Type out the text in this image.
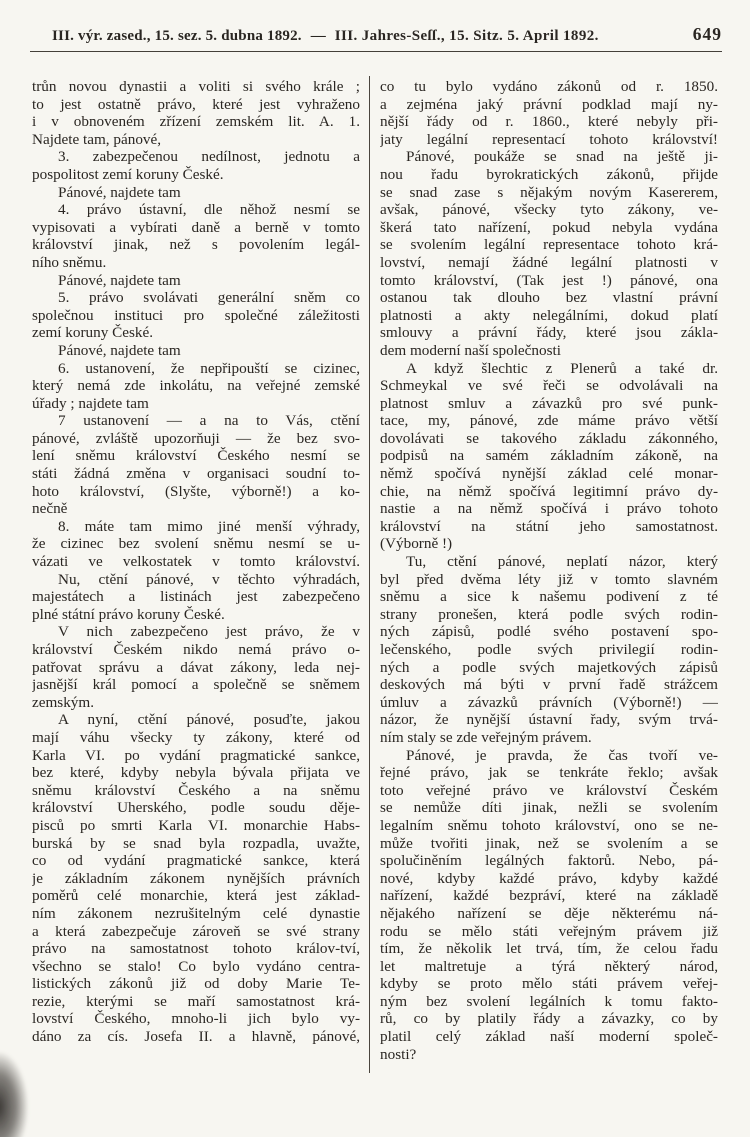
III. výr. zased., 15. sez. 5. dubna 1892. — III. Jahres-Seſſ., 15. Sitz. 5. April 1892.	649
trůn novou dynastii a voliti si svého krále ;
to jest ostatně právo, které jest vyhraženo
i v obnoveném zřízení zemském lit. A. 1.
Najdete tam, pánové,
3. zabezpečenou nedílnost, jednotu a
pospolitost zemí koruny České.
Pánové, najdete tam
4. právo ústavní, dle něhož nesmí se
vypisovati a vybírati daně a berně v tomto
království jinak, než s povolením legál-
ního sněmu.
Pánové, najdete tam
5. právo svolávati generální sněm co
společnou instituci pro společné záležitosti
zemí koruny České.
Pánové, najdete tam
6. ustanovení, že nepřipouští se cizinec,
který nemá zde inkolátu, na veřejné zemské
úřady ; najdete tam
7 ustanovení — a na to Vás, ctění
pánové, zvláště upozorňuji — že bez svo-
lení sněmu království Českého nesmí se
státi žádná změna v organisaci soudní to-
hoto království, (Slyšte, výborně!) a ko-
nečně
8. máte tam mimo jiné menší výhrady,
že cizinec bez svolení sněmu nesmí se u-
vázati ve velkostatek v tomto království.
Nu, ctění pánové, v těchto výhradách,
majestátech a listinách jest zabezpečeno
plné státní právo koruny České.
V nich zabezpečeno jest právo, že v
království Českém nikdo nemá právo o-
patřovat správu a dávat zákony, leda nej-
jasnější král pomocí a společně se sněmem
zemským.
A nyní, ctění pánové, posuďte, jakou
mají váhu všecky ty zákony, které od
Karla VI. po vydání pragmatické sankce,
bez které, kdyby nebyla bývala přijata ve
sněmu království Českého a na sněmu
království Uherského, podle soudu děje-
pisců po smrti Karla VI. monarchie Habs-
burská by se snad byla rozpadla, uvažte,
co od vydání pragmatické sankce, která
je základním zákonem nynějších právních
poměrů celé monarchie, která jest základ-
ním zákonem nezrušitelným celé dynastie
a která zabezpečuje zároveň se své strany
právo na samostatnost tohoto králov-tví,
všechno se stalo! Co bylo vydáno centra-
listických zákonů již od doby Marie Te-
rezie, kterými se maří samostatnost krá-
lovství Českého, mnoho-li jich bylo vy-
dáno za cís. Josefa II. a hlavně, pánové,
co tu bylo vydáno zákonů od r. 1850.
a zejména jaký právní podklad mají ny-
nější řády od r. 1860., které nebyly při-
jaty legální representací tohoto království!
Pánové, poukáže se snad na ještě ji-
nou řadu byrokratických zákonů, přijde
se snad zase s nějakým novým Kasererem,
avšak, pánové, všecky tyto zákony, ve-
škerá tato nařízení, pokud nebyla vydána
se svolením legální representace tohoto krá-
lovství, nemají žádné legální platnosti v
tomto království, (Tak jest !) pánové, ona
ostanou tak dlouho bez vlastní právní
platnosti a akty nelegálními, dokud platí
smlouvy a právní řády, které jsou zákla-
dem moderní naší společnosti
A když šlechtic z Plenerů a také dr.
Schmeykal ve své řeči se odvolávali na
platnost smluv a závazků pro své punk-
tace, my, pánové, zde máme právo větší
dovolávati se takového základu zákonného,
podpisů na samém základním zákoně, na
němž spočívá nynější základ celé monar-
chie, na němž spočívá legitimní právo dy-
nastie a na němž spočívá i právo tohoto
království na státní jeho samostatnost.
(Výborně !)
Tu, ctění pánové, neplatí názor, který
byl před dvěma léty již v tomto slavném
sněmu a sice k našemu podivení z té
strany pronešen, která podle svých rodin-
ných zápisů, podlé svého postavení spo-
lečenského, podle svých privilegií rodin-
ných a podle svých majetkových zápisů
deskových má býti v první řadě strážcem
úmluv a závazků právních (Výborně!) —
názor, že nynější ústavní řady, svým trvá-
ním staly se zde veřejným právem.
Pánové, je pravda, že čas tvoří ve-
řejné právo, jak se tenkráte řeklo; avšak
toto veřejné právo ve království Českém
se nemůže díti jinak, nežli se svolením
legalním sněmu tohoto království, ono se ne-
může tvořiti jinak, než se svolením a se
spolučiněním legálných faktorů. Nebo, pá-
nové, kdyby každé právo, kdyby každé
nařízení, každé bezpráví, které na základě
nějakého nařízení se děje některému ná-
rodu se mělo státi veřejným právem již
tím, že několik let trvá, tím, že celou řadu
let maltretuje a týrá některý národ,
kdyby se proto mělo státi právem veřej-
ným bez svolení legálních k tomu fakto-
rů, co by platily řády a závazky, co by
platil celý základ naší moderní společ-
nosti?
